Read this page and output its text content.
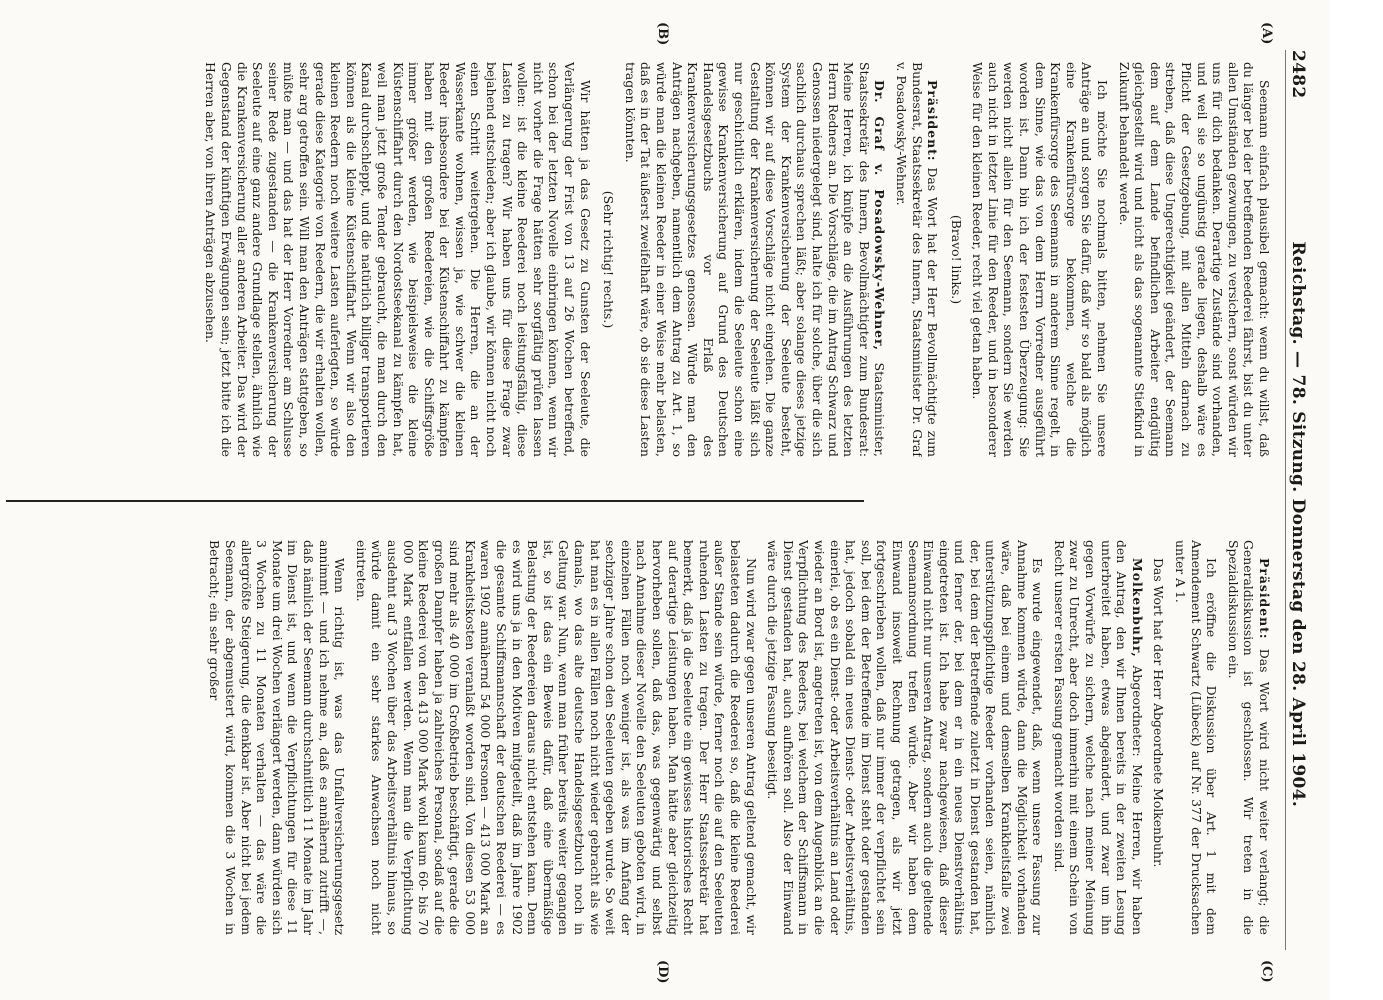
2482
Reichstag. — 78. Sitzung. Donnerstag den 28. April 1904.
(A)
(B)
(C)
(D)

Seemann einfach plausibel gemacht: wenn du willst, daß du länger bei der betreffenden Reederei fährst, bist du unter allen Umständen gezwungen, zu versichern, sonst würden wir uns für dich bedanken. Derartige Zustände sind vorhanden, und weil sie so ungünstig gerade liegen, deshalb wäre es Pflicht der Gesetzgebung, mit allen Mitteln darnach zu streben, daß diese Ungerechtigkeit geändert, der Seemann dem auf dem Lande befindlichen Arbeiter endgültig gleichgestellt wird und nicht als das sogenannte Stiefkind in Zukunft behandelt werde.

Ich möchte Sie nochmals bitten, nehmen Sie unsere Anträge an und sorgen Sie dafür, daß wir so bald als möglich eine Krankenfürsorge bekommen, welche die Krankenfürsorge des Seemanns in anderem Sinne regelt, in dem Sinne, wie das von dem Herrn Vorredner ausgeführt worden ist. Dann bin ich der festesten Überzeugung: Sie werden nicht allein für den Seemann, sondern Sie werden auch nicht in letzter Linie für den Reeder, und in besonderer Weise für den kleinen Reeder, recht viel getan haben.

(Bravo! links.)

Präsident: Das Wort hat der Herr Bevollmächtigte zum Bundesrat, Staatssekretär des Innern, Staatsminister Dr. Graf v. Posadowsky-Wehner.

Dr. Graf v. Posadowsky-Wehner, Staatsminister, Staatssekretär des Innern, Bevollmächtigter zum Bundesrat: Meine Herren, ich knüpfe an die Ausführungen des letzten Herrn Redners an. Die Vorschläge, die im Antrag Schwarz und Genossen niedergelegt sind, halte ich für solche, über die sich sachlich durchaus sprechen läßt; aber solange dieses jetzige System der Krankenversicherung der Seeleute besteht, können wir auf diese Vorschläge nicht eingehen. Die ganze Gestaltung der Krankenversicherung der Seeleute läßt sich nur geschichtlich erklären, indem die Seeleute schon eine gewisse Krankenversicherung auf Grund des Deutschen Handelsgesetzbuchs vor Erlaß des Krankenversicherungsgesetzes genossen. Würde man den Anträgen nachgeben, namentlich dem Antrag zu Art. 1, so würde man die kleinen Reeder in einer Weise mehr belasten, daß es in der Tat äußerst zweifelhaft wäre, ob sie diese Lasten tragen könnten.

(Sehr richtig! rechts.)

Wir hätten ja das Gesetz zu Gunsten der Seeleute, die Verlängerung der Frist von 13 auf 26 Wochen betreffend, schon bei der letzten Novelle einbringen können, wenn wir nicht vorher die Frage hätten sehr sorgfältig prüfen lassen wollen: ist die kleine Reederei noch leistungsfähig, diese Lasten zu tragen? Wir haben uns für diese Frage zwar bejahend entschieden; aber ich glaube, wir können nicht noch einen Schritt weitergehen. Die Herren, die an der Wasserkante wohnen, wissen ja, wie schwer die kleinen Reeder insbesondere bei der Küstenschiffahrt zu kämpfen haben mit den großen Reedereien, wie die Schiffsgröße immer größer werden, wie beispielsweise die kleine Küstenschiffahrt durch den Nordostseekanal zu kämpfen hat, weil man jetzt große Tender gebraucht, die man durch den Kanal durchschleppt, und die natürlich billiger transportieren können als die kleine Küstenschiffahrt. Wenn wir also den kleinen Reedern noch weitere Lasten auferlegten, so würde gerade diese Kategorie von Reedern, die wir erhalten wollen, sehr arg getroffen sein. Will man den Anträgen stattgeben, so müßte man — und das hat der Herr Vorredner am Schlusse seiner Rede zugestanden — die Krankenversicherung der Seeleute auf eine ganz andere Grundlage stellen, ähnlich wie die Krankenversicherung aller anderen Arbeiter. Das wird der Gegenstand der künftigen Erwägungen sein; jetzt bitte ich die Herren aber, von ihren Anträgen abzusehen.

Präsident: Das Wort wird nicht weiter verlangt; die Generaldiskussion ist geschlossen. Wir treten in die Spezialdiskussion ein.

Ich eröffne die Diskussion über Art. 1 mit dem Amendement Schwartz (Lübeck) auf Nr. 377 der Drucksachen unter A 1.

Das Wort hat der Herr Abgeordnete Molkenbuhr.

Molkenbuhr, Abgeordneter: Meine Herren, wir haben den Antrag, den wir Ihnen bereits in der zweiten Lesung unterbreitet haben, etwas abgeändert, und zwar um ihn gegen Vorwürfe zu sichern, welche nach meiner Meinung zwar zu Unrecht, aber doch immerhin mit einem Schein von Recht unserer ersten Fassung gemacht worden sind.

Es wurde eingewendet, daß, wenn unsere Fassung zur Annahme kommen würde, dann die Möglichkeit vorhanden wäre, daß bei einem und demselben Krankheitsfalle zwei unterstützungspflichtige Reeder vorhanden seien, nämlich der, bei dem der Betreffende zuletzt in Dienst gestanden hat, und ferner der, bei dem er in ein neues Dienstverhältnis eingetreten ist. Ich habe zwar nachgewiesen, daß dieser Einwand nicht nur unseren Antrag, sondern auch die geltende Seemannsordnung treffen würde. Aber wir haben dem Einwand insoweit Rechnung getragen, als wir jetzt fortgeschrieben wollen, daß nur immer der verpflichtet sein soll, bei dem der Betreffende im Dienst steht oder gestanden hat, jedoch sobald ein neues Dienst- oder Arbeitsverhältnis, einerlei, ob es ein Dienst- oder Arbeitsverhältnis an Land oder wieder an Bord ist, angetreten ist, von dem Augenblick an die Verpflichtung des Reeders, bei welchem der Schiffsmann in Dienst gestanden hat, auch aufhören soll. Also der Einwand wäre durch die jetzige Fassung beseitigt.

Nun wird zwar gegen unseren Antrag geltend gemacht, wir belasteten dadurch die Reederei so, daß die kleine Reederei außer Stande sein würde, ferner noch die auf den Seeleuten ruhenden Lasten zu tragen. Der Herr Staatssekretär hat bemerkt, daß ja die Seeleute ein gewisses historisches Recht auf derartige Leistungen haben. Man hätte aber gleichzeitig hervorheben sollen, daß das, was gegenwärtig und selbst nach Annahme dieser Novelle den Seeleuten geboten wird, in einzelnen Fällen noch weniger ist, als was im Anfang der sechziger Jahre schon den Seeleuten gegeben wurde. So weit hat man es in allen Fällen noch nicht wieder gebracht als wie damals, wo das alte deutsche Handelsgesetzbuch noch in Geltung war. Nun, wenn man früher bereits weiter gegangen ist, so ist das ein Beweis dafür, daß eine übermäßige Belastung der Reedereien daraus nicht entstehen kann. Denn es wird uns ja in den Motiven mitgeteilt, daß im Jahre 1902 die gesamte Schiffsmannschaft der deutschen Reederei — es waren 1902 annähernd 54 000 Personen — 413 000 Mark an Krankheitskosten veranlaßt worden sind. Von diesen 53 000 sind mehr als 40 000 im Großbetrieb beschäftigt, gerade die großen Dampfer haben ja zahlreiches Personal, sodaß auf die kleine Reederei von den 413 000 Mark wohl kaum 60- bis 70 000 Mark entfallen werden. Wenn man die Verpflichtung ausdehnt auf 3 Wochen über das Arbeitsverhältnis hinaus, so würde damit ein sehr starkes Anwachsen noch nicht eintreten.

Wenn richtig ist, was das Unfallversicherungsgesetz annimmt — und ich nehme an, daß es annähernd zutrifft —, daß nämlich der Seemann durchschnittlich 11 Monate im Jahr im Dienst ist, und wenn die Verpflichtungen für diese 11 Monate um drei Wochen verlängert werden, dann würden sich 3 Wochen zu 11 Monaten verhalten — das wäre die allergrößte Steigerung, die denkbar ist. Aber nicht bei jedem Seemann, der abgemustert wird, kommen die 3 Wochen in Betracht; ein sehr großer
